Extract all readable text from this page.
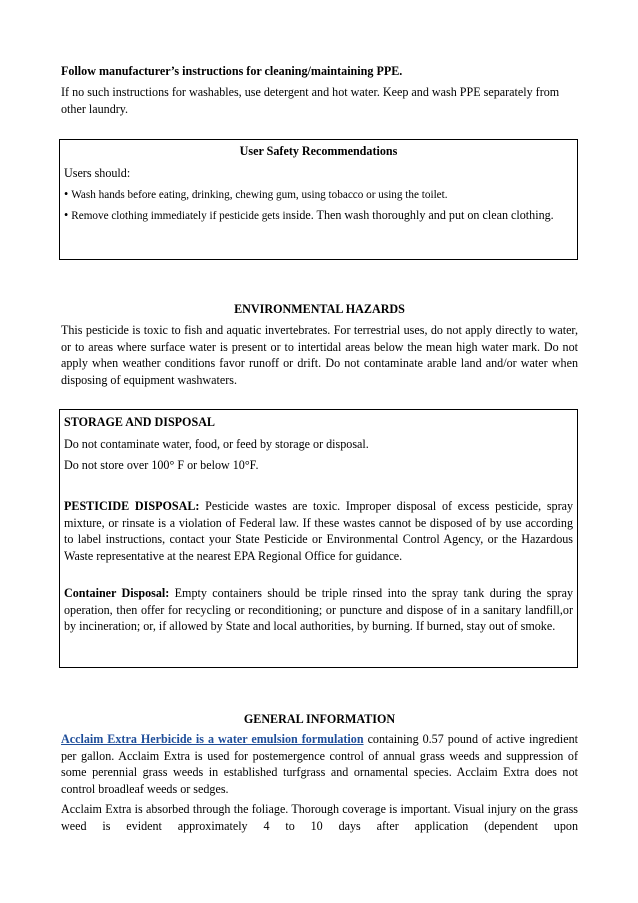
Follow manufacturer’s instructions for cleaning/maintaining PPE.

If no such instructions for washables, use detergent and hot water. Keep and wash PPE separately from other laundry.

User Safety Recommendations

Users should:

• Wash hands before eating, drinking, chewing gum, using tobacco or using the toilet.

• Remove clothing immediately if pesticide gets inside. Then wash thoroughly and put on clean clothing.

ENVIRONMENTAL HAZARDS

This pesticide is toxic to fish and aquatic invertebrates. For terrestrial uses, do not apply directly to water, or to areas where surface water is present or to intertidal areas below the mean high water mark. Do not apply when weather conditions favor runoff or drift. Do not contaminate arable land and/or water when disposing of equipment washwaters.

STORAGE AND DISPOSAL

Do not contaminate water, food, or feed by storage or disposal.

Do not store over 100° F or below 10°F.

PESTICIDE DISPOSAL: Pesticide wastes are toxic. Improper disposal of excess pesticide, spray mixture, or rinsate is a violation of Federal law. If these wastes cannot be disposed of by use according to label instructions, contact your State Pesticide or Environmental Control Agency, or the Hazardous Waste representative at the nearest EPA Regional Office for guidance.

Container Disposal: Empty containers should be triple rinsed into the spray tank during the spray operation, then offer for recycling or reconditioning; or puncture and dispose of in a sanitary landfill,or by incineration; or, if allowed by State and local authorities, by burning. If burned, stay out of smoke.

GENERAL INFORMATION

Acclaim Extra Herbicide is a water emulsion formulation containing 0.57 pound of active ingredient per gallon. Acclaim Extra is used for postemergence control of annual grass weeds and suppression of some perennial grass weeds in established turfgrass and ornamental species. Acclaim Extra does not control broadleaf weeds or sedges.

Acclaim Extra is absorbed through the foliage. Thorough coverage is important. Visual injury on the grass weed is evident approximately 4 to 10 days after application (dependent upon
